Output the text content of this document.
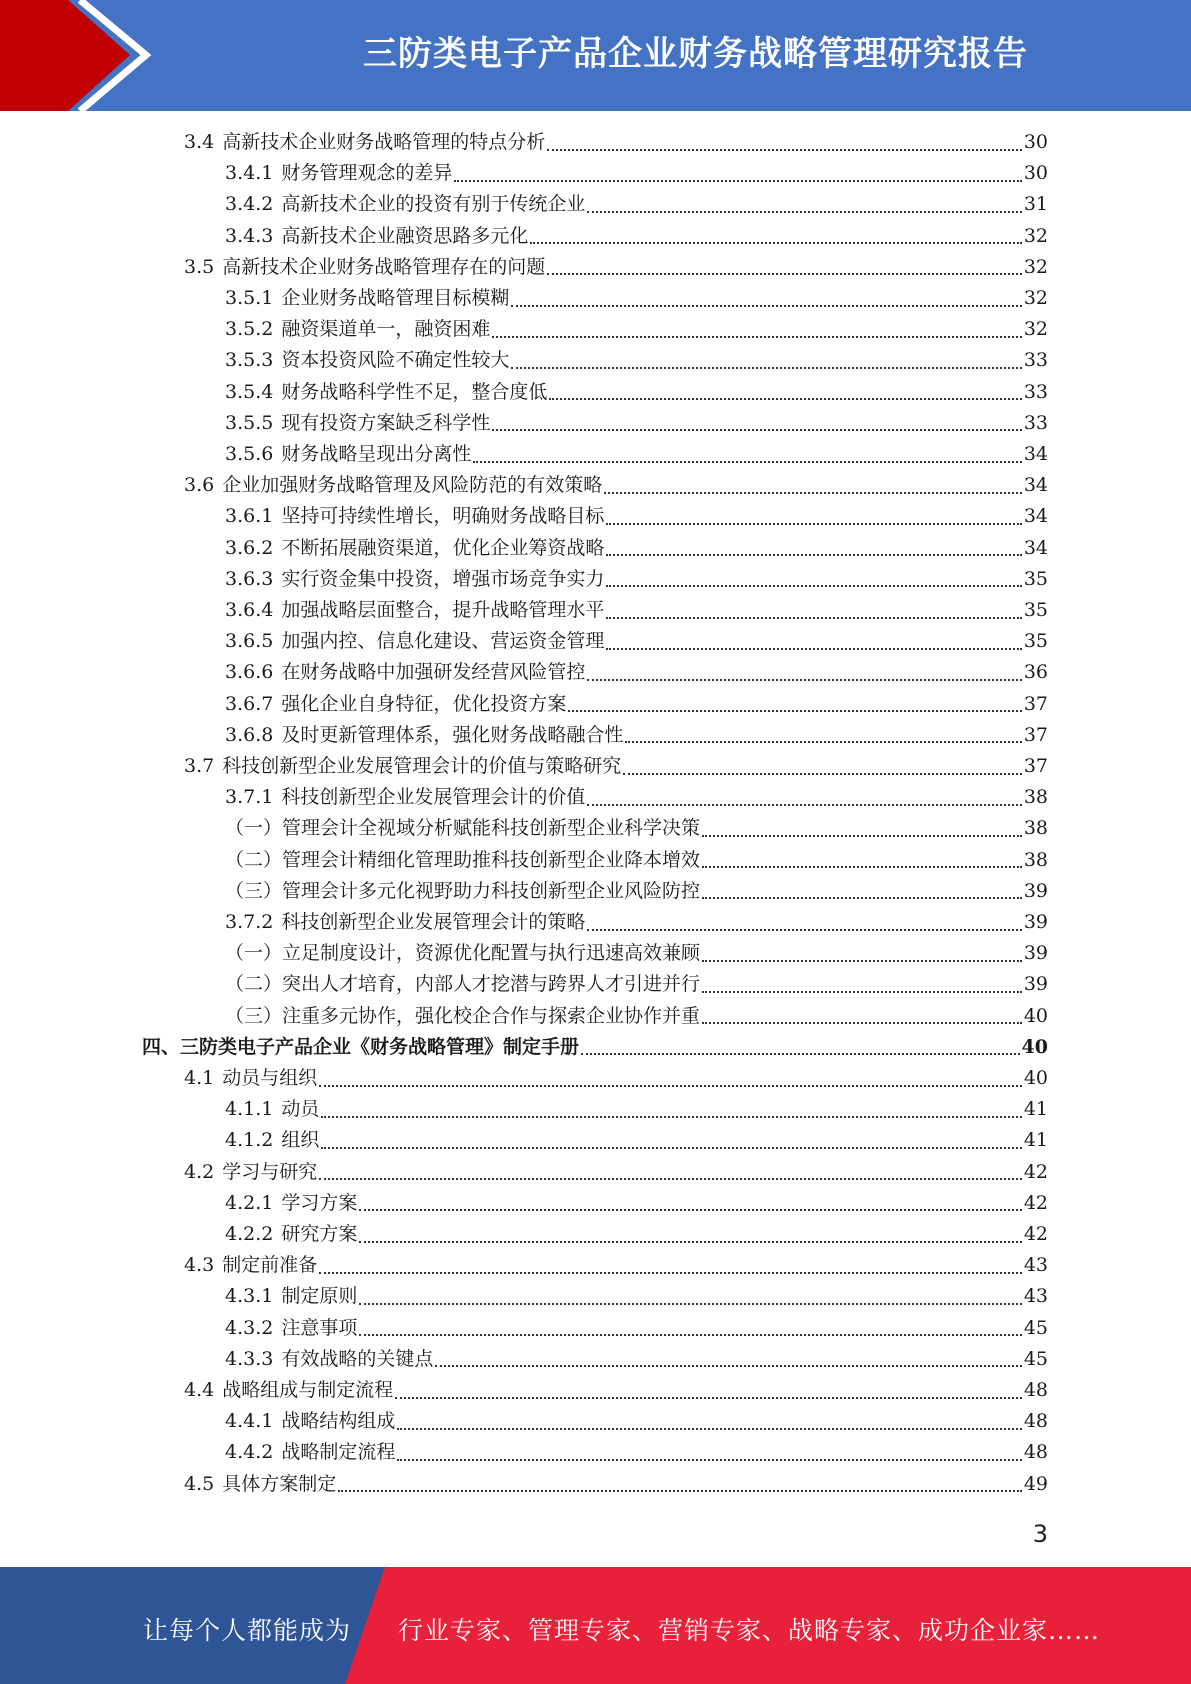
三防类电子产品企业财务战略管理研究报告
3.4 高新技术企业财务战略管理的特点分析	30
3.4.1 财务管理观念的差异	30
3.4.2 高新技术企业的投资有别于传统企业	31
3.4.3 高新技术企业融资思路多元化	32
3.5 高新技术企业财务战略管理存在的问题	32
3.5.1 企业财务战略管理目标模糊	32
3.5.2 融资渠道单一，融资困难	32
3.5.3 资本投资风险不确定性较大	33
3.5.4 财务战略科学性不足，整合度低	33
3.5.5 现有投资方案缺乏科学性	33
3.5.6 财务战略呈现出分离性	34
3.6 企业加强财务战略管理及风险防范的有效策略	34
3.6.1 坚持可持续性增长，明确财务战略目标	34
3.6.2 不断拓展融资渠道，优化企业筹资战略	34
3.6.3 实行资金集中投资，增强市场竞争实力	35
3.6.4 加强战略层面整合，提升战略管理水平	35
3.6.5 加强内控、信息化建设、营运资金管理	35
3.6.6 在财务战略中加强研发经营风险管控	36
3.6.7 强化企业自身特征，优化投资方案	37
3.6.8 及时更新管理体系，强化财务战略融合性	37
3.7 科技创新型企业发展管理会计的价值与策略研究	37
3.7.1 科技创新型企业发展管理会计的价值	38
（一）管理会计全视域分析赋能科技创新型企业科学决策	38
（二）管理会计精细化管理助推科技创新型企业降本增效	38
（三）管理会计多元化视野助力科技创新型企业风险防控	39
3.7.2 科技创新型企业发展管理会计的策略	39
（一）立足制度设计，资源优化配置与执行迅速高效兼顾	39
（二）突出人才培育，内部人才挖潜与跨界人才引进并行	39
（三）注重多元协作，强化校企合作与探索企业协作并重	40
四、三防类电子产品企业《财务战略管理》制定手册	40
4.1 动员与组织	40
4.1.1 动员	41
4.1.2 组织	41
4.2 学习与研究	42
4.2.1 学习方案	42
4.2.2 研究方案	42
4.3 制定前准备	43
4.3.1 制定原则	43
4.3.2 注意事项	45
4.3.3 有效战略的关键点	45
4.4 战略组成与制定流程	48
4.4.1 战略结构组成	48
4.4.2 战略制定流程	48
4.5 具体方案制定	49
3
让每个人都能成为 行业专家、管理专家、营销专家、战略专家、成功企业家……
